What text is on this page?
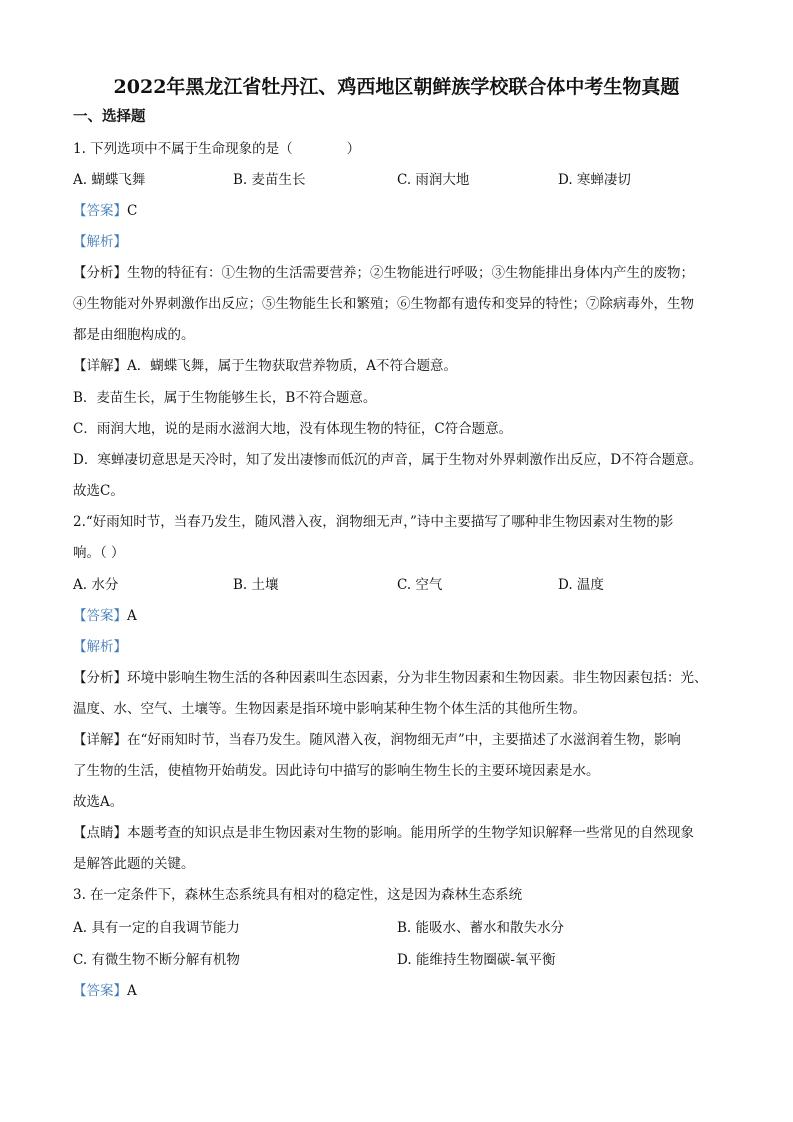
2022年黑龙江省牡丹江、鸡西地区朝鲜族学校联合体中考生物真题
一、选择题
1. 下列选项中不属于生命现象的是（　　　　）
A. 蝴蝶飞舞	B. 麦苗生长	C. 雨润大地	D. 寒蝉凄切
【答案】C
【解析】
【分析】生物的特征有：①生物的生活需要营养；②生物能进行呼吸；③生物能排出身体内产生的废物；
④生物能对外界刺激作出反应；⑤生物能生长和繁殖；⑥生物都有遗传和变异的特性；⑦除病毒外，生物
都是由细胞构成的。
【详解】A．蝴蝶飞舞，属于生物获取营养物质，A不符合题意。
B．麦苗生长，属于生物能够生长，B不符合题意。
C．雨润大地，说的是雨水滋润大地，没有体现生物的特征，C符合题意。
D．寒蝉凄切意思是天冷时，知了发出凄惨而低沉的声音，属于生物对外界刺激作出反应，D不符合题意。
故选C。
2.“好雨知时节，当春乃发生，随风潜入夜，润物细无声，”诗中主要描写了哪种非生物因素对生物的影
响。（ ）
A. 水分	B. 土壤	C. 空气	D. 温度
【答案】A
【解析】
【分析】环境中影响生物生活的各种因素叫生态因素，分为非生物因素和生物因素。非生物因素包括：光、
温度、水、空气、土壤等。生物因素是指环境中影响某种生物个体生活的其他所生物。
【详解】在“好雨知时节，当春乃发生。随风潜入夜，润物细无声”中，主要描述了水滋润着生物，影响
了生物的生活，使植物开始萌发。因此诗句中描写的影响生物生长的主要环境因素是水。
故选A。
【点睛】本题考查的知识点是非生物因素对生物的影响。能用所学的生物学知识解释一些常见的自然现象
是解答此题的关键。
3. 在一定条件下，森林生态系统具有相对的稳定性，这是因为森林生态系统
A. 具有一定的自我调节能力	B. 能吸水、蓄水和散失水分
C. 有微生物不断分解有机物	D. 能维持生物圈碳-氧平衡
【答案】A
